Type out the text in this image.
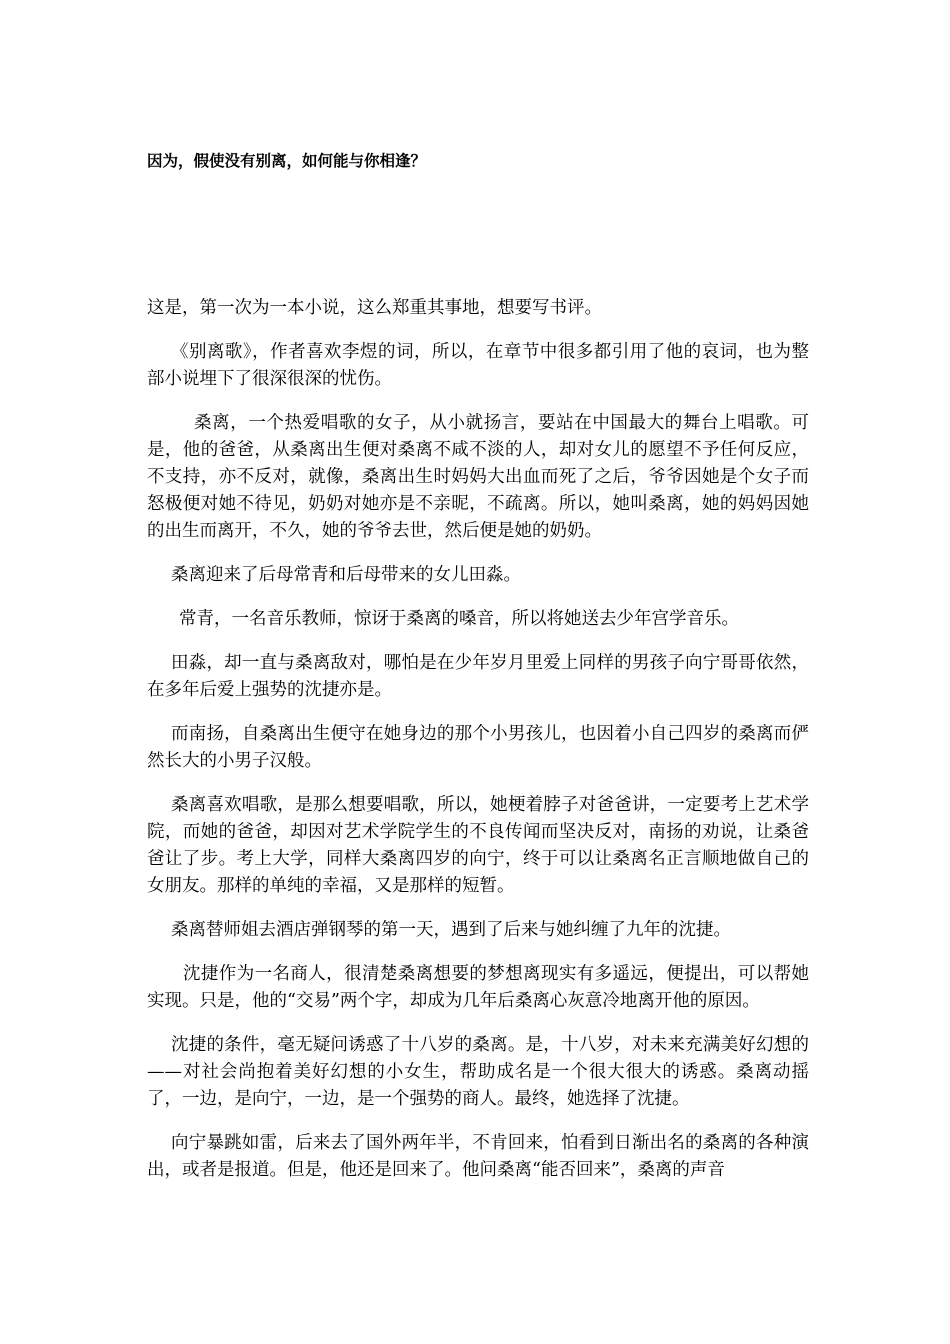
因为，假使没有别离，如何能与你相逢？

这是，第一次为一本小说，这么郑重其事地，想要写书评。

《别离歌》，作者喜欢李煜的词，所以，在章节中很多都引用了他的哀词，也为整部小说埋下了很深很深的忧伤。

桑离，一个热爱唱歌的女子，从小就扬言，要站在中国最大的舞台上唱歌。可是，他的爸爸，从桑离出生便对桑离不咸不淡的人，却对女儿的愿望不予任何反应，不支持，亦不反对，就像，桑离出生时妈妈大出血而死了之后，爷爷因她是个女子而怒极便对她不待见，奶奶对她亦是不亲昵，不疏离。所以，她叫桑离，她的妈妈因她的出生而离开，不久，她的爷爷去世，然后便是她的奶奶。

桑离迎来了后母常青和后母带来的女儿田淼。

常青，一名音乐教师，惊讶于桑离的嗓音，所以将她送去少年宫学音乐。

田淼，却一直与桑离敌对，哪怕是在少年岁月里爱上同样的男孩子向宁哥哥依然，在多年后爱上强势的沈捷亦是。

而南扬，自桑离出生便守在她身边的那个小男孩儿，也因着小自己四岁的桑离而俨然长大的小男子汉般。

桑离喜欢唱歌，是那么想要唱歌，所以，她梗着脖子对爸爸讲，一定要考上艺术学院，而她的爸爸，却因对艺术学院学生的不良传闻而坚决反对，南扬的劝说，让桑爸爸让了步。考上大学，同样大桑离四岁的向宁，终于可以让桑离名正言顺地做自己的女朋友。那样的单纯的幸福，又是那样的短暂。

桑离替师姐去酒店弹钢琴的第一天，遇到了后来与她纠缠了九年的沈捷。

沈捷作为一名商人，很清楚桑离想要的梦想离现实有多遥远，便提出，可以帮她实现。只是，他的“交易”两个字，却成为几年后桑离心灰意冷地离开他的原因。

沈捷的条件，毫无疑问诱惑了十八岁的桑离。是，十八岁，对未来充满美好幻想的——对社会尚抱着美好幻想的小女生，帮助成名是一个很大很大的诱惑。桑离动摇了，一边，是向宁，一边，是一个强势的商人。最终，她选择了沈捷。

向宁暴跳如雷，后来去了国外两年半，不肯回来，怕看到日渐出名的桑离的各种演出，或者是报道。但是，他还是回来了。他问桑离“能否回来”，桑离的声音
